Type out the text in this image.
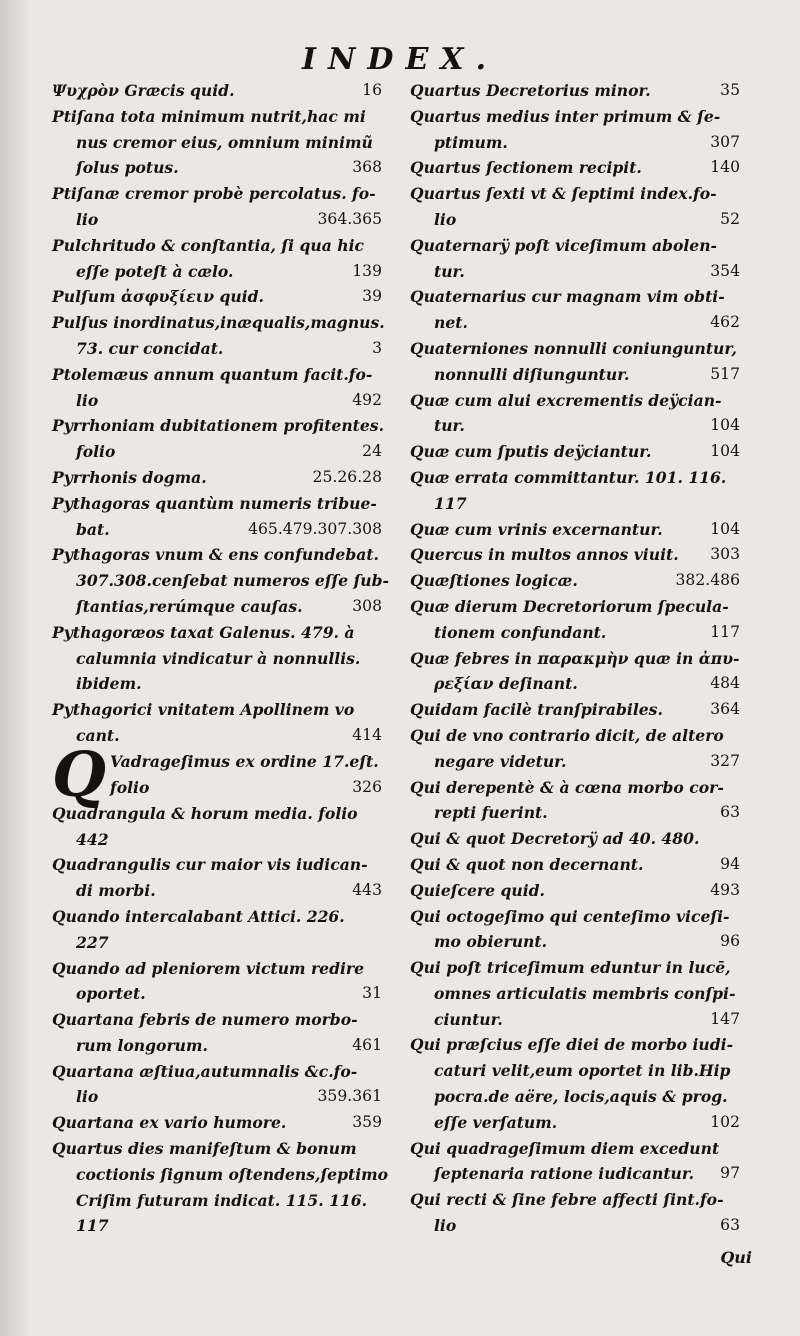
INDEX.
Ψυχρὸν Græcis quid.	16
Ptiſana tota minimum nutrit,hac mi
nus cremor eius, omnium minimũ
ſolus potus.	368
Ptiſanæ cremor probè percolatus. fo-
lio	364.365
Pulchritudo & conſtantia, ſi qua hic
eſſe poteſt à cælo.	139
Pulſum ἀσφυξίειν quid.	39
Pulſus inordinatus,inæqualis,magnus.
73. cur concidat.	3
Ptolemæus annum quantum facit.fo-
lio	492
Pyrrhoniam dubitationem profitentes.
folio	24
Pyrrhonis dogma.	25.26.28
Pythagoras quantùm numeris tribue-
bat.	465.479.307.308
Pythagoras vnum & ens confundebat.
307.308.cenſebat numeros eſſe ſub-
ſtantias,rerúmque cauſas.	308
Pythagoræos taxat Galenus. 479. à
calumnia vindicatur à nonnullis.
ibidem.
Pythagorici vnitatem Apollinem vo
cant.	414
Q Vadrageſimus ex ordine 17.eſt.
folio	326
Quadrangula & horum media. folio
442
Quadrangulis cur maior vis iudican-
di morbi.	443
Quando intercalabant Attici. 226.
227
Quando ad pleniorem victum redire
oportet.	31
Quartana febris de numero morbo-
rum longorum.	461
Quartana æſtiua,autumnalis &c.fo-
lio	359.361
Quartana ex vario humore.	359
Quartus dies manifeſtum & bonum
coctionis ſignum oſtendens,ſeptimo
Criſim futuram indicat. 115. 116.
117
Quartus Decretorius minor.	35
Quartus medius inter primum & ſe-
ptimum.	307
Quartus ſectionem recipit.	140
Quartus ſexti vt & ſeptimi index.fo-
lio	52
Quaternarÿ poſt viceſimum abolen-
tur.	354
Quaternarius cur magnam vim obti-
net.	462
Quaterniones nonnulli coniunguntur,
nonnulli diſiunguntur.	517
Quæ cum alui excrementis deÿcian-
tur.	104
Quæ cum ſputis deÿciantur.	104
Quæ errata committantur. 101. 116.
117
Quæ cum vrinis excernantur.	104
Quercus in multos annos viuit. 303
Quæſtiones logicæ.	382.486
Quæ dierum Decretoriorum ſpecula-
tionem confundant.	117
Quæ febres in παρακμὴν quæ in ἀπυ-
ρεξίαν deſinant.	484
Quidam facilè tranſpirabiles.	364
Qui de vno contrario dicit, de altero
negare videtur.	327
Qui derepentè & à cœna morbo cor-
repti fuerint.	63
Qui & quot Decretorÿ ad 40. 480.
Qui & quot non decernant.	94
Quieſcere quid.	493
Qui octogeſimo qui centeſimo viceſi-
mo obierunt.	96
Qui poſt triceſimum eduntur in lucē,
omnes articulatis membris conſpi-
ciuntur.	147
Qui præſcius eſſe diei de morbo iudi-
caturi velit,eum oportet in lib.Hip
pocra.de aëre, locis,aquis & prog.
eſſe verſatum.	102
Qui quadrageſimum diem excedunt
ſeptenaria ratione iudicantur. 97
Qui recti & ſine febre affecti ſint.fo-
lio	63
Qui
